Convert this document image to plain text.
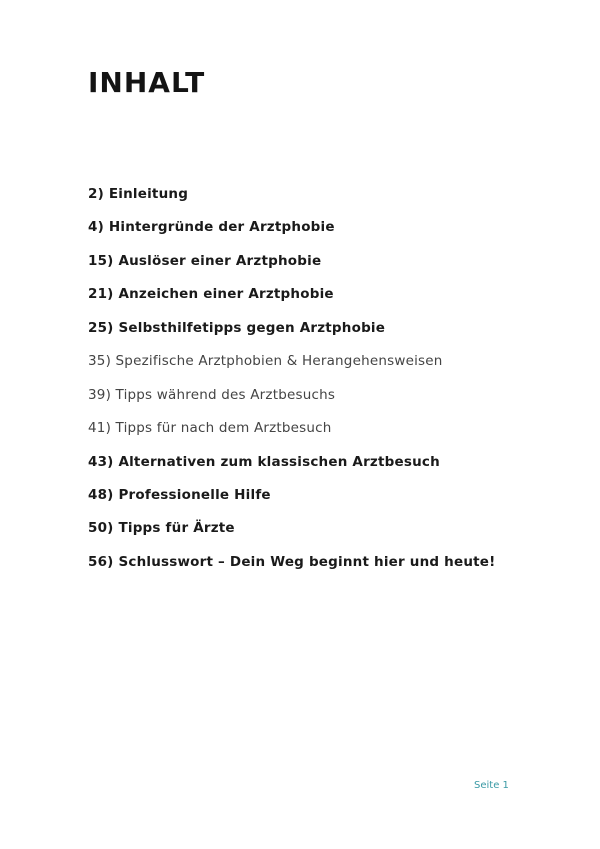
INHALT
2) Einleitung
4) Hintergründe der Arztphobie
15) Auslöser einer Arztphobie
21) Anzeichen einer Arztphobie
25) Selbsthilfetipps gegen Arztphobie
35) Spezifische Arztphobien & Herangehensweisen
39) Tipps während des Arztbesuchs
41) Tipps für nach dem Arztbesuch
43) Alternativen zum klassischen Arztbesuch
48) Professionelle Hilfe
50) Tipps für Ärzte
56) Schlusswort – Dein Weg beginnt hier und heute!
Seite 1
